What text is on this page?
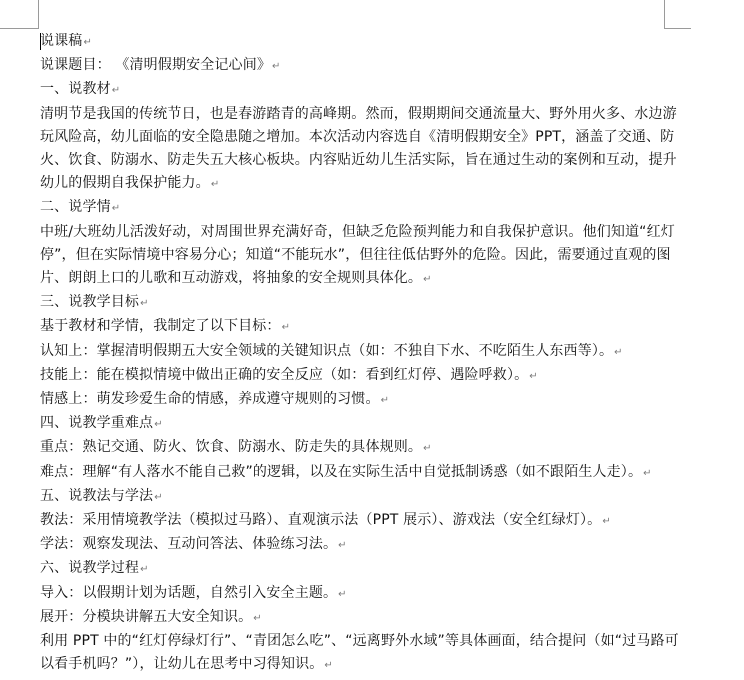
说课稿↵

说课题目： 《清明假期安全记心间》↵

一、说教材↵

清明节是我国的传统节日，也是春游踏青的高峰期。然而，假期期间交通流量大、野外用火多、水边游玩风险高，幼儿面临的安全隐患随之增加。本次活动内容选自《清明假期安全》PPT，涵盖了交通、防火、饮食、防溺水、防走失五大核心板块。内容贴近幼儿生活实际，旨在通过生动的案例和互动，提升幼儿的假期自我保护能力。↵

二、说学情↵

中班/大班幼儿活泼好动，对周围世界充满好奇，但缺乏危险预判能力和自我保护意识。他们知道“红灯停”，但在实际情境中容易分心；知道“不能玩水”，但往往低估野外的危险。因此，需要通过直观的图片、朗朗上口的儿歌和互动游戏，将抽象的安全规则具体化。↵

三、说教学目标↵

基于教材和学情，我制定了以下目标：↵

认知上：掌握清明假期五大安全领域的关键知识点（如：不独自下水、不吃陌生人东西等）。↵

技能上：能在模拟情境中做出正确的安全反应（如：看到红灯停、遇险呼救）。↵

情感上：萌发珍爱生命的情感，养成遵守规则的习惯。↵

四、说教学重难点↵

重点：熟记交通、防火、饮食、防溺水、防走失的具体规则。↵

难点：理解“有人落水不能自己救”的逻辑，以及在实际生活中自觉抵制诱惑（如不跟陌生人走）。↵

五、说教法与学法↵

教法：采用情境教学法（模拟过马路）、直观演示法（PPT 展示）、游戏法（安全红绿灯）。↵

学法：观察发现法、互动问答法、体验练习法。↵

六、说教学过程↵

导入：以假期计划为话题，自然引入安全主题。↵

展开：分模块讲解五大安全知识。↵

利用 PPT 中的“红灯停绿灯行”、“青团怎么吃”、“远离野外水域”等具体画面，结合提问（如“过马路可以看手机吗？”），让幼儿在思考中习得知识。↵
